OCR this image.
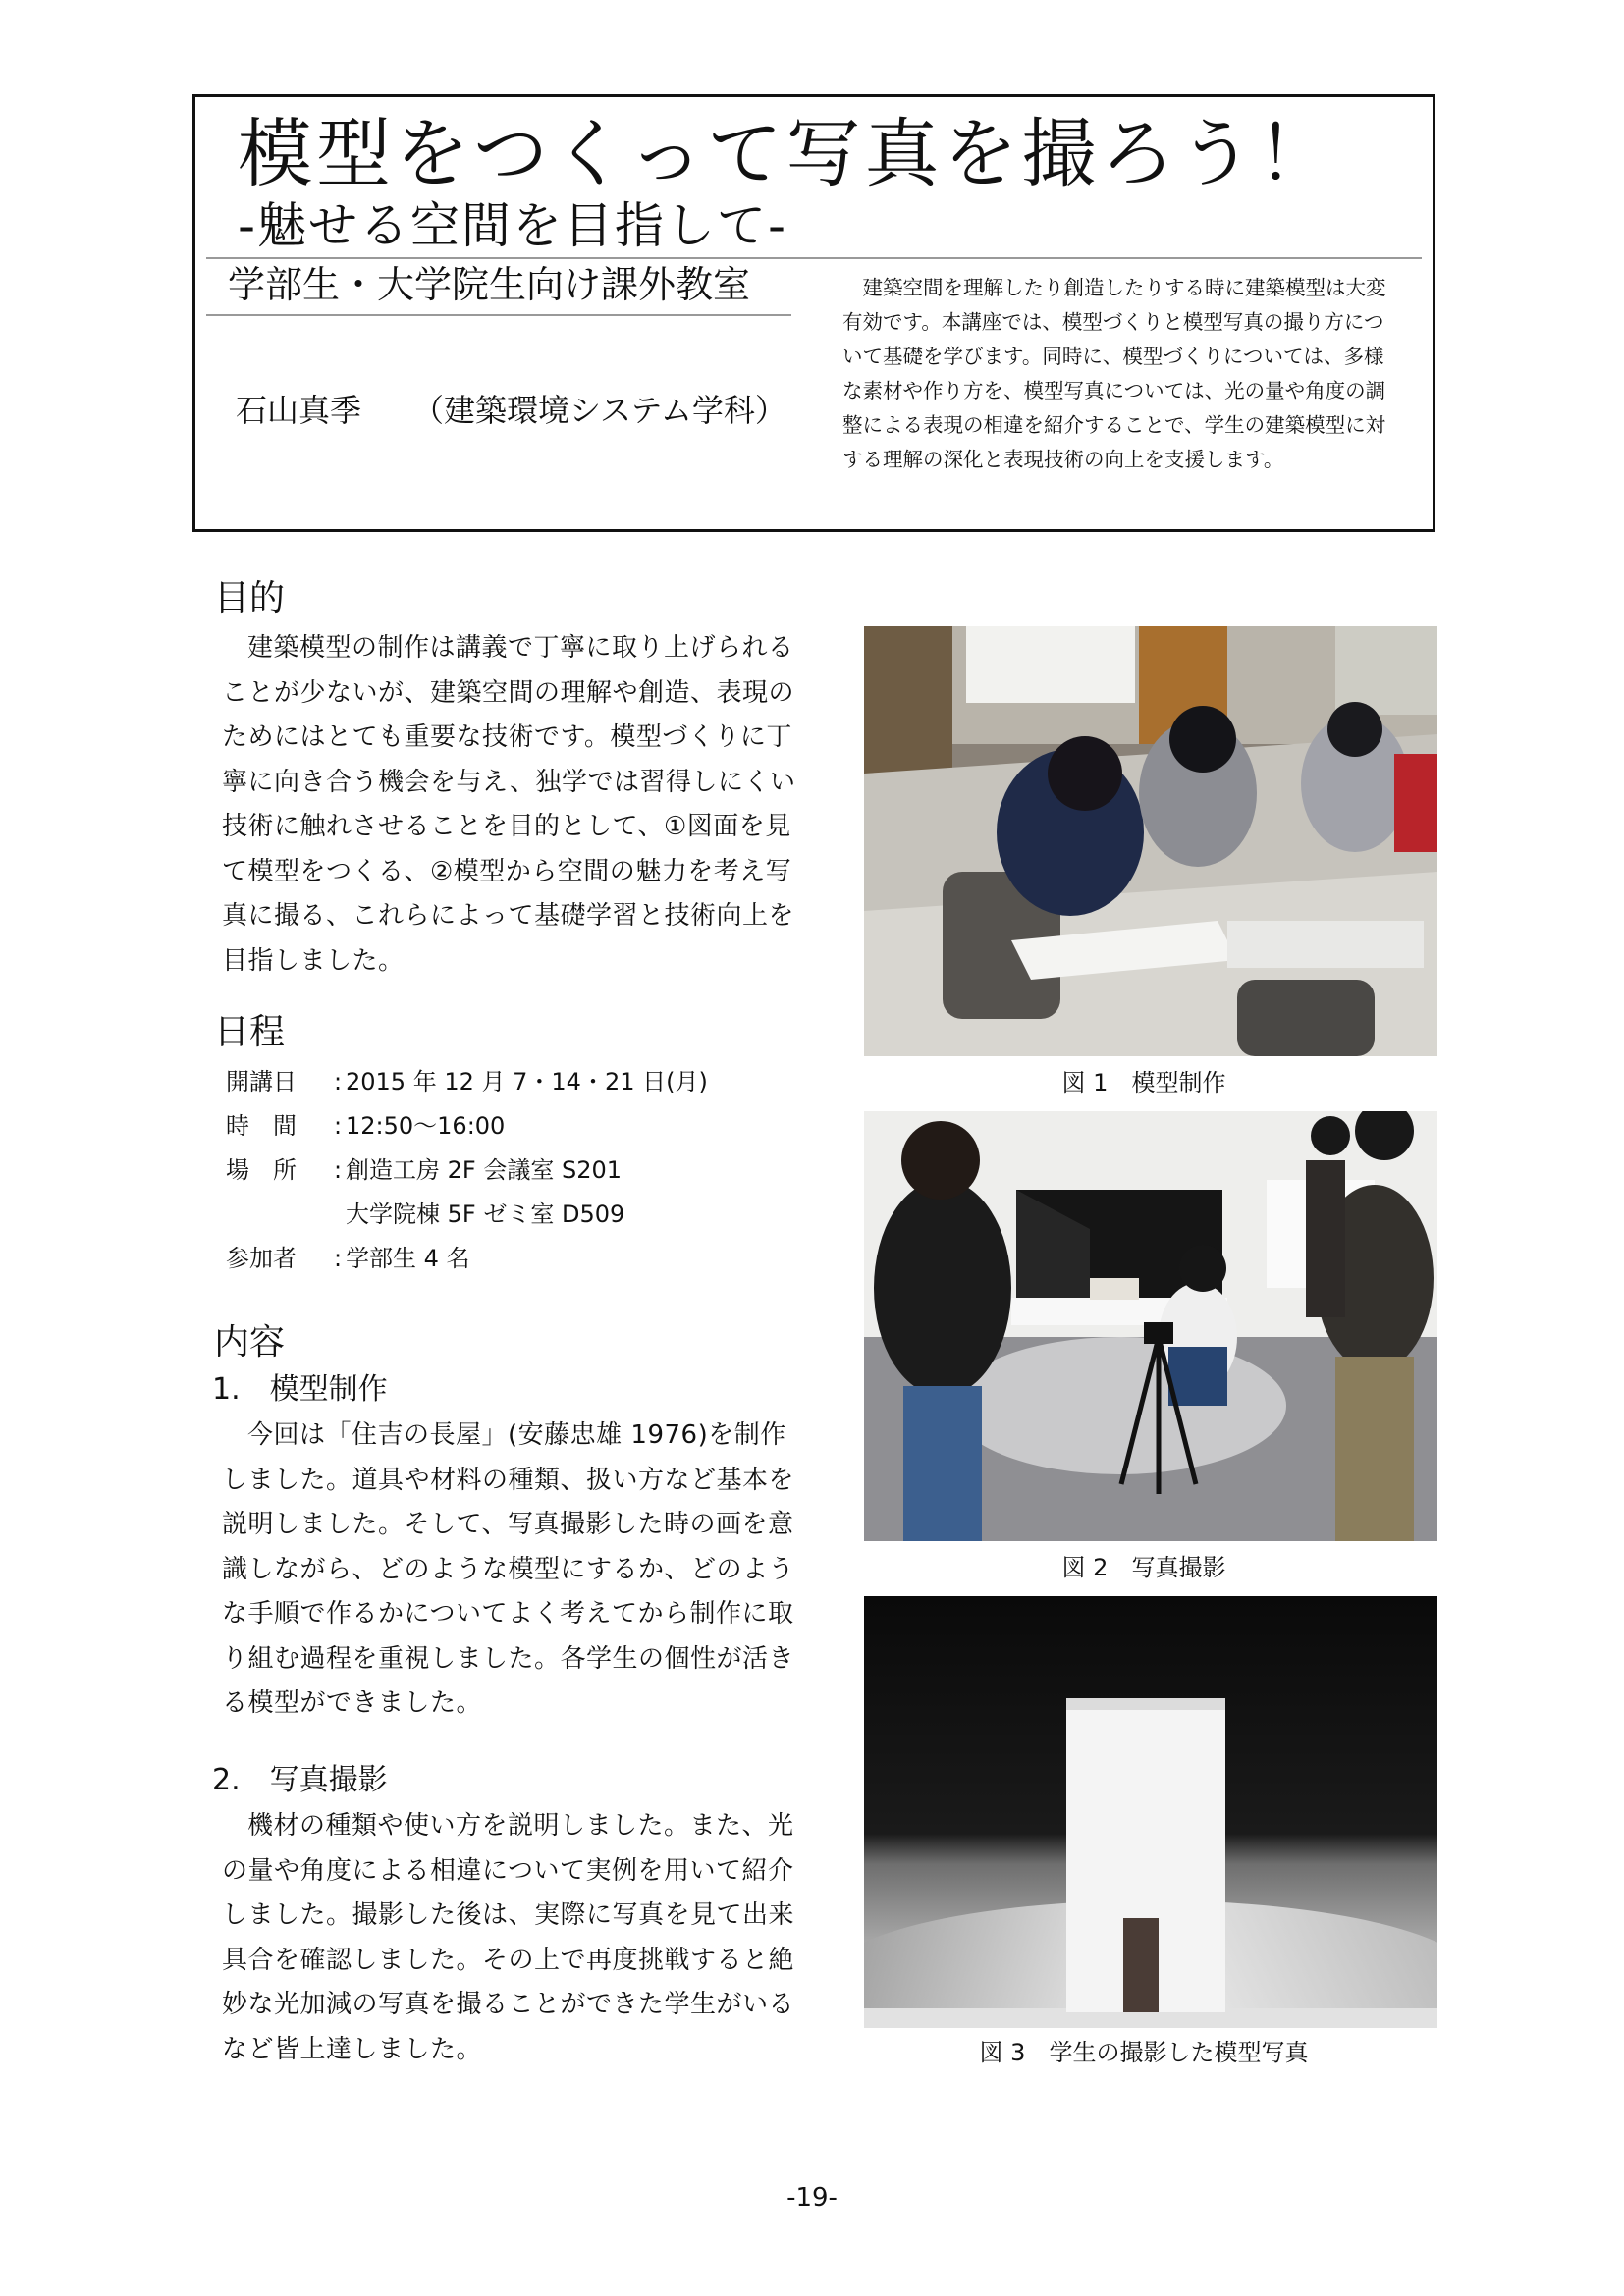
模型をつくって写真を撮ろう！
-魅せる空間を目指して-
学部生・大学院生向け課外教室
石山真季 （建築環境システム学科）
建築空間を理解したり創造したりする時に建築模型は大変有効です。本講座では、模型づくりと模型写真の撮り方について基礎を学びます。同時に、模型づくりについては、多様な素材や作り方を、模型写真については、光の量や角度の調整による表現の相違を紹介することで、学生の建築模型に対する理解の深化と表現技術の向上を支援します。
目的
建築模型の制作は講義で丁寧に取り上げられることが少ないが、建築空間の理解や創造、表現のためにはとても重要な技術です。模型づくりに丁寧に向き合う機会を与え、独学では習得しにくい技術に触れさせることを目的として、①図面を見て模型をつくる、②模型から空間の魅力を考え写真に撮る、これらによって基礎学習と技術向上を目指しました。
日程
開講日	: 2015 年 12 月 7・14・21 日(月)
時　間	: 12:50～16:00
場　所	: 創造工房 2F 会議室 S201
大学院棟 5F ゼミ室 D509
参加者	: 学部生 4 名
内容
1.　模型制作
今回は「住吉の長屋」(安藤忠雄 1976)を制作しました。道具や材料の種類、扱い方など基本を説明しました。そして、写真撮影した時の画を意識しながら、どのような模型にするか、どのような手順で作るかについてよく考えてから制作に取り組む過程を重視しました。各学生の個性が活きる模型ができました。
2.　写真撮影
機材の種類や使い方を説明しました。また、光の量や角度による相違について実例を用いて紹介しました。撮影した後は、実際に写真を見て出来具合を確認しました。その上で再度挑戦すると絶妙な光加減の写真を撮ることができた学生がいるなど皆上達しました。
図 1　模型制作
図 2　写真撮影
図 3　学生の撮影した模型写真
-19-
